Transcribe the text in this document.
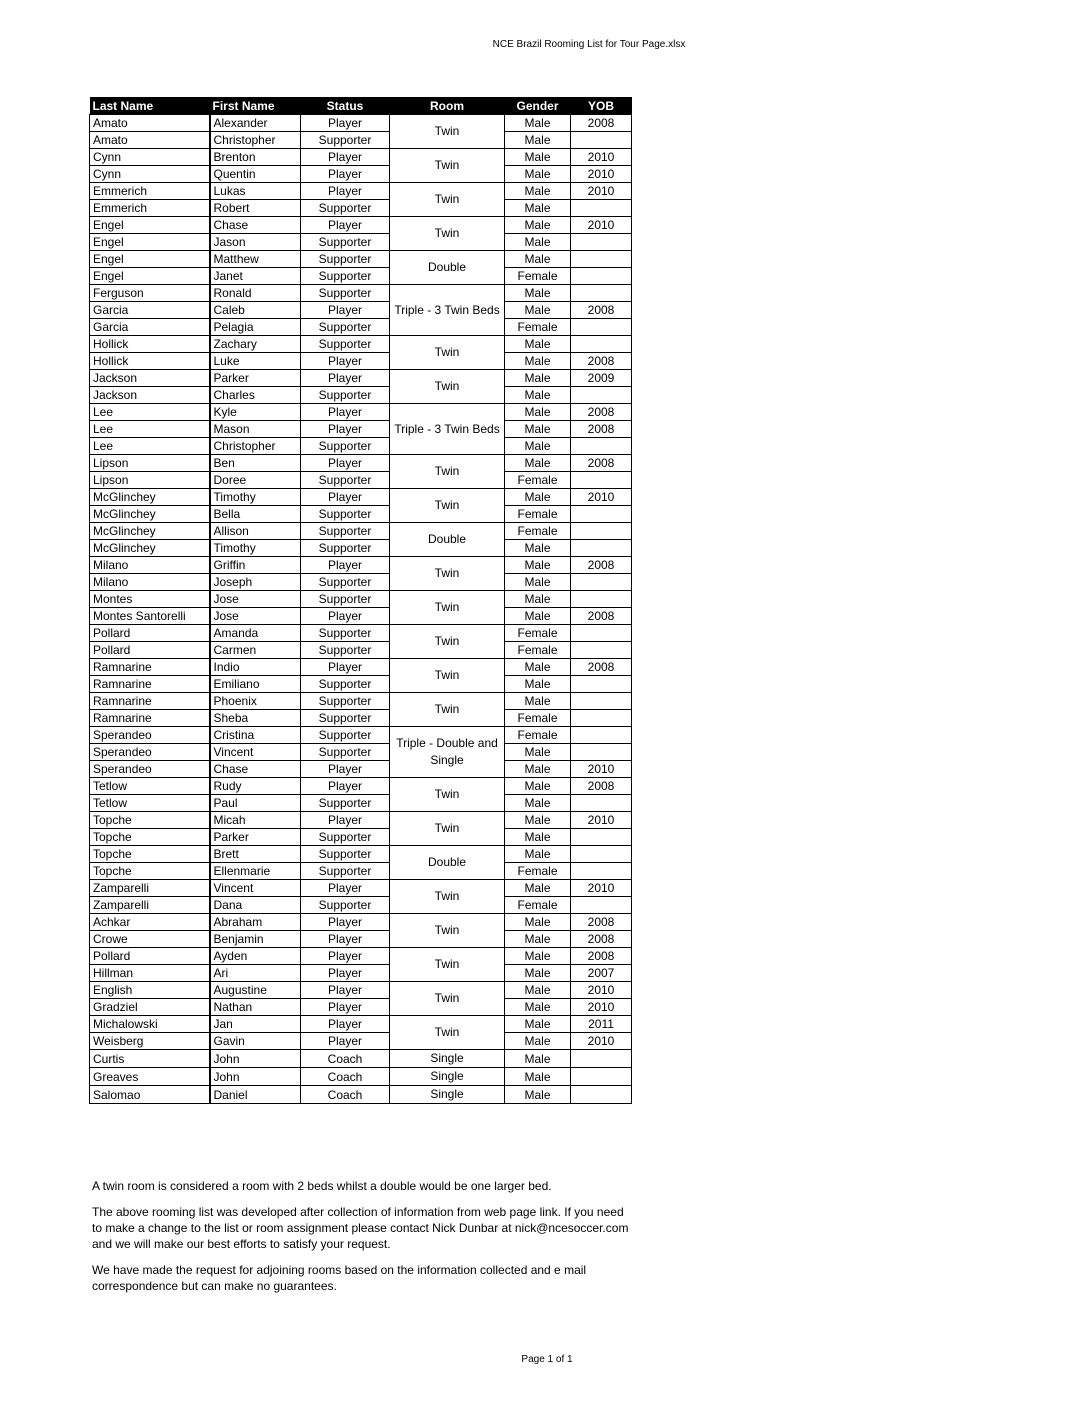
NCE Brazil Rooming List for Tour Page.xlsx
Last Name	First Name	Status	Room	Gender	YOB
Amato	Alexander	Player	Twin	Male	2008
Amato	Christopher	Supporter		Male	
Cynn	Brenton	Player	Twin	Male	2010
Cynn	Quentin	Player		Male	2010
Emmerich	Lukas	Player	Twin	Male	2010
Emmerich	Robert	Supporter		Male	
Engel	Chase	Player	Twin	Male	2010
Engel	Jason	Supporter		Male	
Engel	Matthew	Supporter	Double	Male	
Engel	Janet	Supporter		Female	
Ferguson	Ronald	Supporter	Triple - 3 Twin Beds	Male	
Garcia	Caleb	Player		Male	2008
Garcia	Pelagia	Supporter		Female	
Hollick	Zachary	Supporter	Twin	Male	
Hollick	Luke	Player		Male	2008
Jackson	Parker	Player	Twin	Male	2009
Jackson	Charles	Supporter		Male	
Lee	Kyle	Player	Triple - 3 Twin Beds	Male	2008
Lee	Mason	Player		Male	2008
Lee	Christopher	Supporter		Male	
Lipson	Ben	Player	Twin	Male	2008
Lipson	Doree	Supporter		Female	
McGlinchey	Timothy	Player	Twin	Male	2010
McGlinchey	Bella	Supporter		Female	
McGlinchey	Allison	Supporter	Double	Female	
McGlinchey	Timothy	Supporter		Male	
Milano	Griffin	Player	Twin	Male	2008
Milano	Joseph	Supporter		Male	
Montes	Jose	Supporter	Twin	Male	
Montes Santorelli	Jose	Player		Male	2008
Pollard	Amanda	Supporter	Twin	Female	
Pollard	Carmen	Supporter		Female	
Ramnarine	Indio	Player	Twin	Male	2008
Ramnarine	Emiliano	Supporter		Male	
Ramnarine	Phoenix	Supporter	Twin	Male	
Ramnarine	Sheba	Supporter		Female	
Sperandeo	Cristina	Supporter	Triple - Double and Single	Female	
Sperandeo	Vincent	Supporter		Male	
Sperandeo	Chase	Player		Male	2010
Tetlow	Rudy	Player	Twin	Male	2008
Tetlow	Paul	Supporter		Male	
Topche	Micah	Player	Twin	Male	2010
Topche	Parker	Supporter		Male	
Topche	Brett	Supporter	Double	Male	
Topche	Ellenmarie	Supporter		Female	
Zamparelli	Vincent	Player	Twin	Male	2010
Zamparelli	Dana	Supporter		Female	
Achkar	Abraham	Player	Twin	Male	2008
Crowe	Benjamin	Player		Male	2008
Pollard	Ayden	Player	Twin	Male	2008
Hillman	Ari	Player		Male	2007
English	Augustine	Player	Twin	Male	2010
Gradziel	Nathan	Player		Male	2010
Michalowski	Jan	Player	Twin	Male	2011
Weisberg	Gavin	Player		Male	2010
Curtis	John	Coach	Single	Male	
Greaves	John	Coach	Single	Male	
Salomao	Daniel	Coach	Single	Male	

A twin room is considered a room with 2 beds whilst a double would be one larger bed.

The above rooming list was developed after collection of information from web page link. If you need to make a change to the list or room assignment please contact Nick Dunbar at nick@ncesoccer.com and we will make our best efforts to satisfy your request.

We have made the request for adjoining rooms based on the information collected and e mail correspondence but can make no guarantees.

Page 1 of 1
